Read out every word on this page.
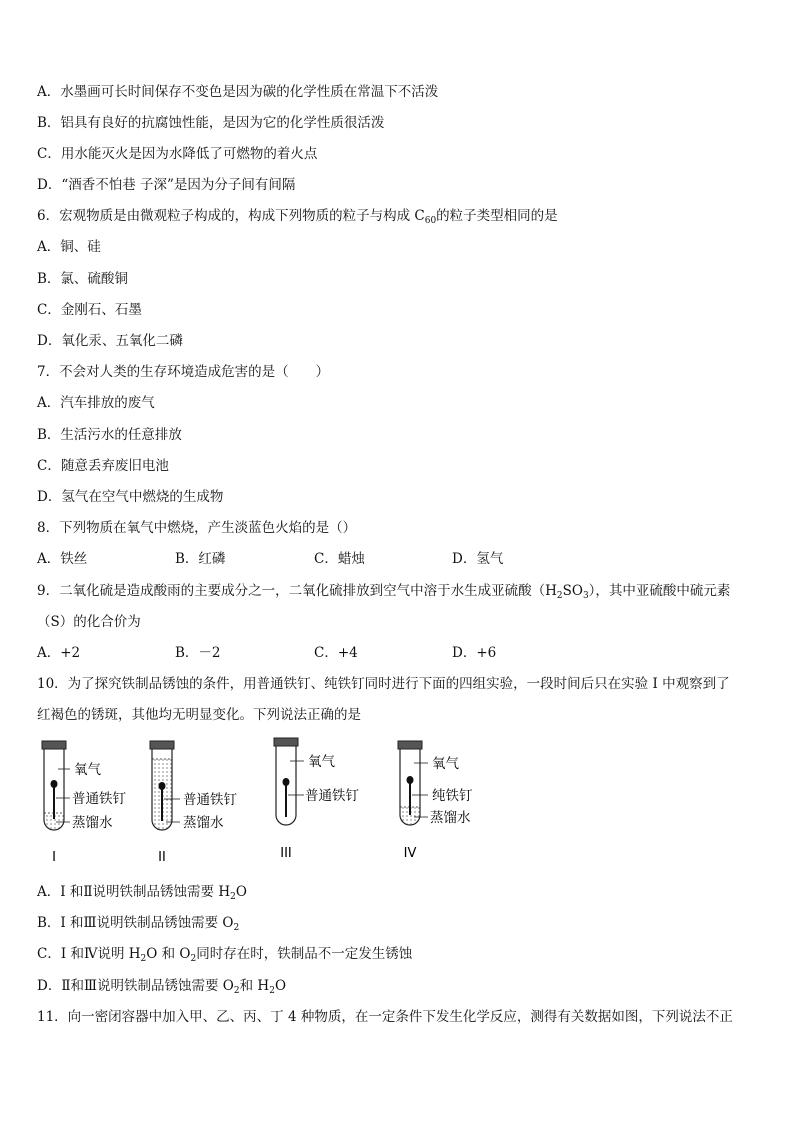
A．水墨画可长时间保存不变色是因为碳的化学性质在常温下不活泼
B．铝具有良好的抗腐蚀性能，是因为它的化学性质很活泼
C．用水能灭火是因为水降低了可燃物的着火点
D．“酒香不怕巷 子深”是因为分子间有间隔
6．宏观物质是由微观粒子构成的，构成下列物质的粒子与构成 $C_{60}$的粒子类型相同的是
A．铜、硅
B．氯、硫酸铜
C．金刚石、石墨
D．氧化汞、五氧化二磷
7．不会对人类的生存环境造成危害的是（　　）
A．汽车排放的废气
B．生活污水的任意排放
C．随意丢弃废旧电池
D．氢气在空气中燃烧的生成物
8．下列物质在氧气中燃烧，产生淡蓝色火焰的是（）
A．铁丝	B．红磷	C．蜡烛	D．氢气
9．二氧化硫是造成酸雨的主要成分之一，二氧化硫排放到空气中溶于水生成亚硫酸$(H_2SO_3)$，其中亚硫酸中硫元素
（S）的化合价为
A．+2	B．－2	C．+4	D．+6
10．为了探究铁制品锈蚀的条件，用普通铁钉、纯铁钉同时进行下面的四组实验，一段时间后只在实验 I 中观察到了
红褐色的锈斑，其他均无明显变化。下列说法正确的是
氧气
普通铁钉
蒸馏水
I
普通铁钉
蒸馏水
II
氧气
普通铁钉
III
氧气
纯铁钉
蒸馏水
IV
A．I 和Ⅱ说明铁制品锈蚀需要 $H_2O$
B．I 和Ⅲ说明铁制品锈蚀需要 $O_2$
C．I 和Ⅳ说明 $H_2O$ 和 $O_2$同时存在时，铁制品不一定发生锈蚀
D．Ⅱ和Ⅲ说明铁制品锈蚀需要 $O_2$和 $H_2O$
11．向一密闭容器中加入甲、乙、丙、丁 4 种物质，在一定条件下发生化学反应，测得有关数据如图，下列说法不正
